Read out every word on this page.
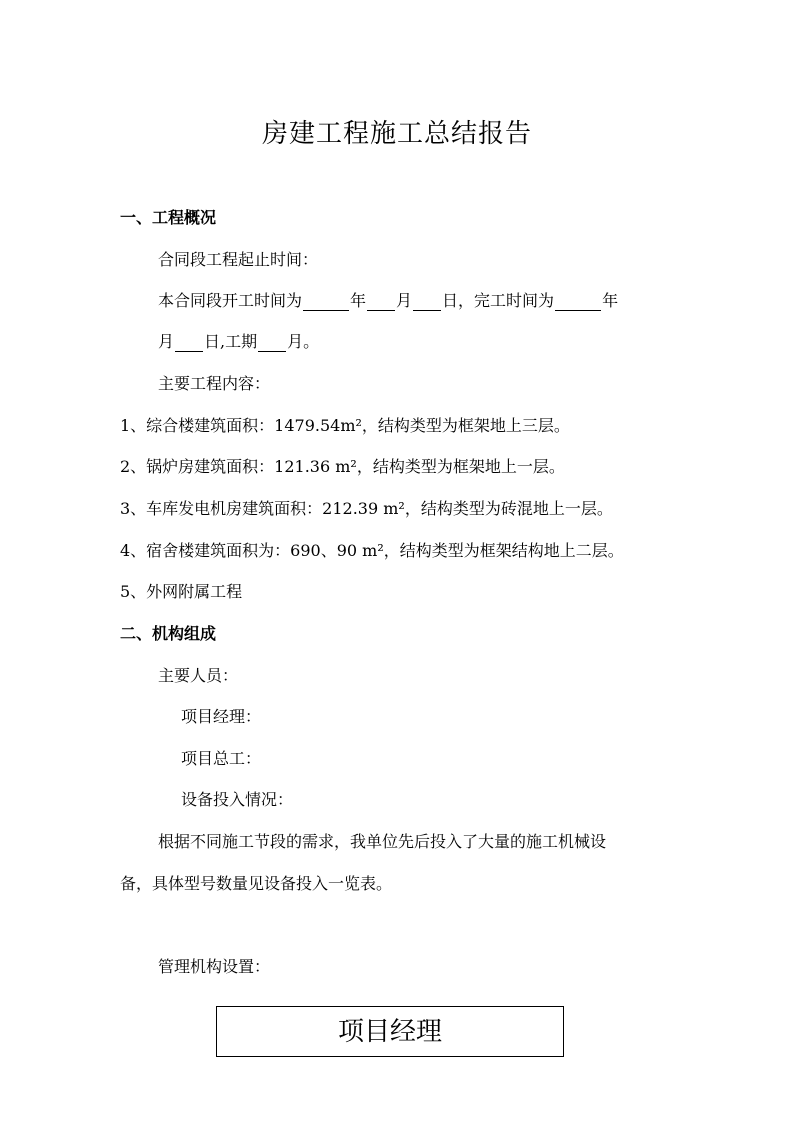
房建工程施工总结报告
一、工程概况
合同段工程起止时间：
本合同段开工时间为	年 月 日，完工时间为	年
月 日,工期 月。
主要工程内容：
1、综合楼建筑面积：1479.54m²，结构类型为框架地上三层。
2、锅炉房建筑面积：121.36 m²，结构类型为框架地上一层。
3、车库发电机房建筑面积：212.39 m²，结构类型为砖混地上一层。
4、宿舍楼建筑面积为：690、90 m²，结构类型为框架结构地上二层。
5、外网附属工程
二、机构组成
主要人员：
项目经理：
项目总工：
设备投入情况：
根据不同施工节段的需求，我单位先后投入了大量的施工机械设
备，具体型号数量见设备投入一览表。
管理机构设置：
项目经理
